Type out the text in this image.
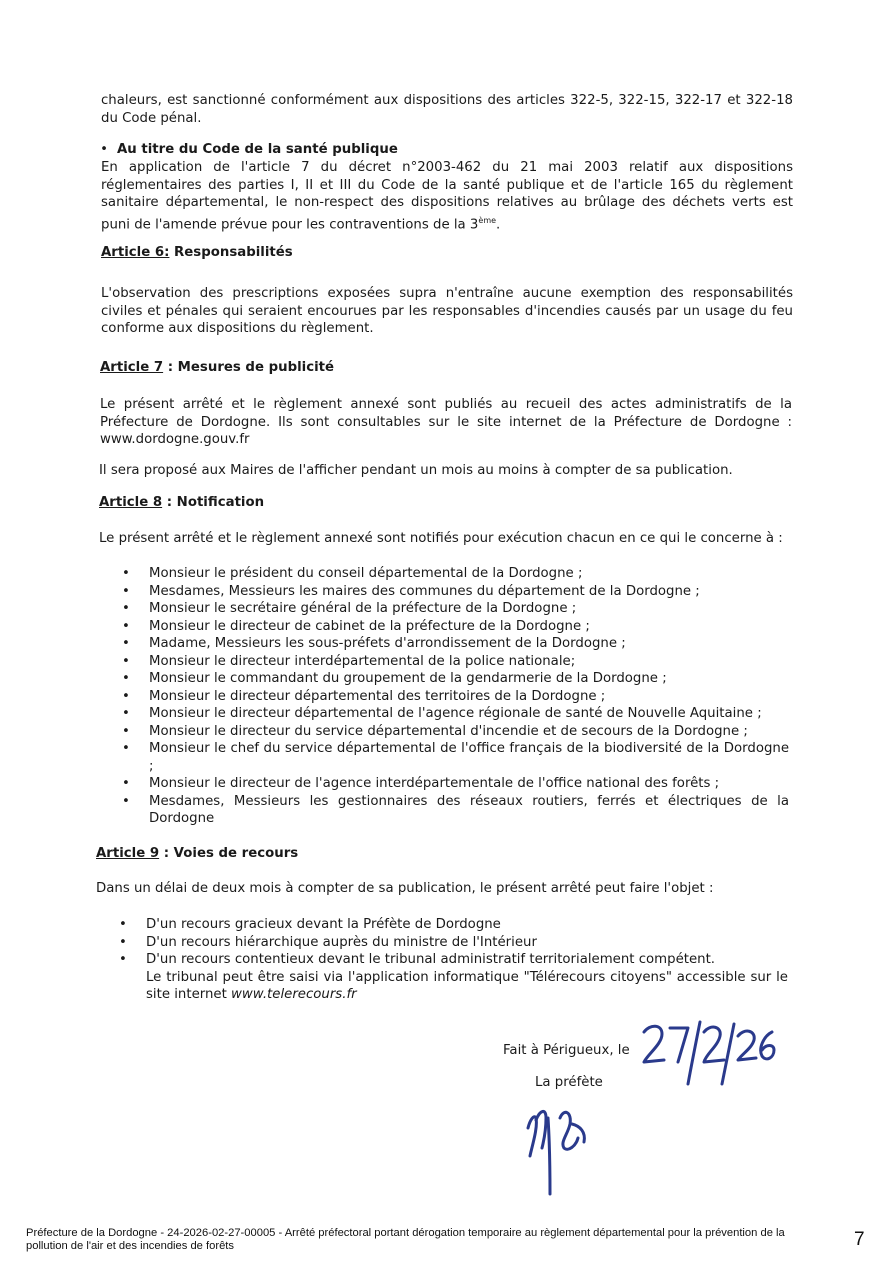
chaleurs, est sanctionné conformément aux dispositions des articles 322-5, 322-15, 322-17 et 322-18 du Code pénal.

• Au titre du Code de la santé publique

En application de l'article 7 du décret n°2003-462 du 21 mai 2003 relatif aux dispositions réglementaires des parties I, II et III du Code de la santé publique et de l'article 165 du règlement sanitaire départemental, le non-respect des dispositions relatives au brûlage des déchets verts est puni de l'amende prévue pour les contraventions de la 3ème.

Article 6: Responsabilités

L'observation des prescriptions exposées supra n'entraîne aucune exemption des responsabilités civiles et pénales qui seraient encourues par les responsables d'incendies causés par un usage du feu conforme aux dispositions du règlement.

Article 7 : Mesures de publicité

Le présent arrêté et le règlement annexé sont publiés au recueil des actes administratifs de la Préfecture de Dordogne. Ils sont consultables sur le site internet de la Préfecture de Dordogne : www.dordogne.gouv.fr

Il sera proposé aux Maires de l'afficher pendant un mois au moins à compter de sa publication.

Article 8 : Notification

Le présent arrêté et le règlement annexé sont notifiés pour exécution chacun en ce qui le concerne à :

• Monsieur le président du conseil départemental de la Dordogne ;
• Mesdames, Messieurs les maires des communes du département de la Dordogne ;
• Monsieur le secrétaire général de la préfecture de la Dordogne ;
• Monsieur le directeur de cabinet de la préfecture de la Dordogne ;
• Madame, Messieurs les sous-préfets d'arrondissement de la Dordogne ;
• Monsieur le directeur interdépartemental de la police nationale;
• Monsieur le commandant du groupement de la gendarmerie de la Dordogne ;
• Monsieur le directeur départemental des territoires de la Dordogne ;
• Monsieur le directeur départemental de l'agence régionale de santé de Nouvelle Aquitaine ;
• Monsieur le directeur du service départemental d'incendie et de secours de la Dordogne ;
• Monsieur le chef du service départemental de l'office français de la biodiversité de la Dordogne ;
• Monsieur le directeur de l'agence interdépartementale de l'office national des forêts ;
• Mesdames, Messieurs les gestionnaires des réseaux routiers, ferrés et électriques de la Dordogne
Article 9 : Voies de recours

Dans un délai de deux mois à compter de sa publication, le présent arrêté peut faire l'objet :

• D'un recours gracieux devant la Préfète de Dordogne
• D'un recours hiérarchique auprès du ministre de l'Intérieur
• D'un recours contentieux devant le tribunal administratif territorialement compétent.
Le tribunal peut être saisi via l'application informatique "Télérecours citoyens" accessible sur le site internet www.telerecours.fr
Fait à Périgueux, le
La préfète
Préfecture de la Dordogne - 24-2026-02-27-00005 - Arrêté préfectoral portant dérogation temporaire au règlement départemental pour la prévention de la pollution de l'air et des incendies de forêts	7
